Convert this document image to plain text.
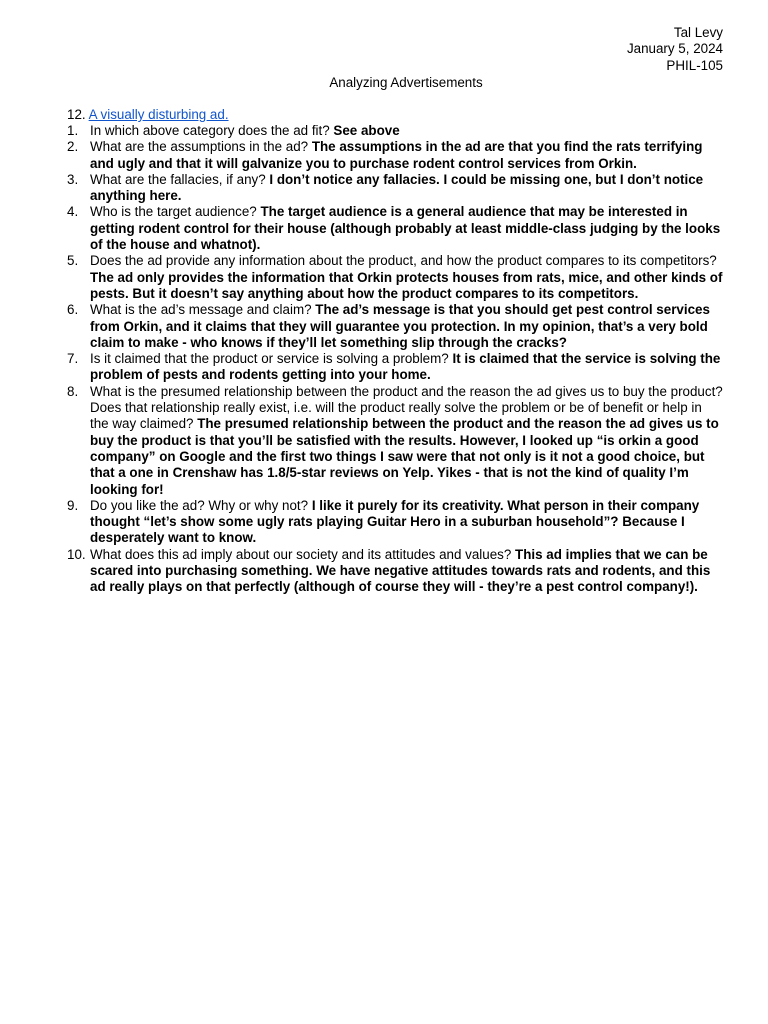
Tal Levy
January 5, 2024
PHIL-105
Analyzing Advertisements
12. A visually disturbing ad.
1. In which above category does the ad fit? See above
2. What are the assumptions in the ad? The assumptions in the ad are that you find the rats terrifying and ugly and that it will galvanize you to purchase rodent control services from Orkin.
3. What are the fallacies, if any? I don’t notice any fallacies. I could be missing one, but I don’t notice anything here.
4. Who is the target audience? The target audience is a general audience that may be interested in getting rodent control for their house (although probably at least middle-class judging by the looks of the house and whatnot).
5. Does the ad provide any information about the product, and how the product compares to its competitors? The ad only provides the information that Orkin protects houses from rats, mice, and other kinds of pests. But it doesn’t say anything about how the product compares to its competitors.
6. What is the ad’s message and claim? The ad’s message is that you should get pest control services from Orkin, and it claims that they will guarantee you protection. In my opinion, that’s a very bold claim to make - who knows if they’ll let something slip through the cracks?
7. Is it claimed that the product or service is solving a problem? It is claimed that the service is solving the problem of pests and rodents getting into your home.
8. What is the presumed relationship between the product and the reason the ad gives us to buy the product? Does that relationship really exist, i.e. will the product really solve the problem or be of benefit or help in the way claimed? The presumed relationship between the product and the reason the ad gives us to buy the product is that you’ll be satisfied with the results. However, I looked up “is orkin a good company” on Google and the first two things I saw were that not only is it not a good choice, but that a one in Crenshaw has 1.8/5-star reviews on Yelp. Yikes - that is not the kind of quality I’m looking for!
9. Do you like the ad? Why or why not? I like it purely for its creativity. What person in their company thought “let’s show some ugly rats playing Guitar Hero in a suburban household”? Because I desperately want to know.
10. What does this ad imply about our society and its attitudes and values? This ad implies that we can be scared into purchasing something. We have negative attitudes towards rats and rodents, and this ad really plays on that perfectly (although of course they will - they’re a pest control company!).
